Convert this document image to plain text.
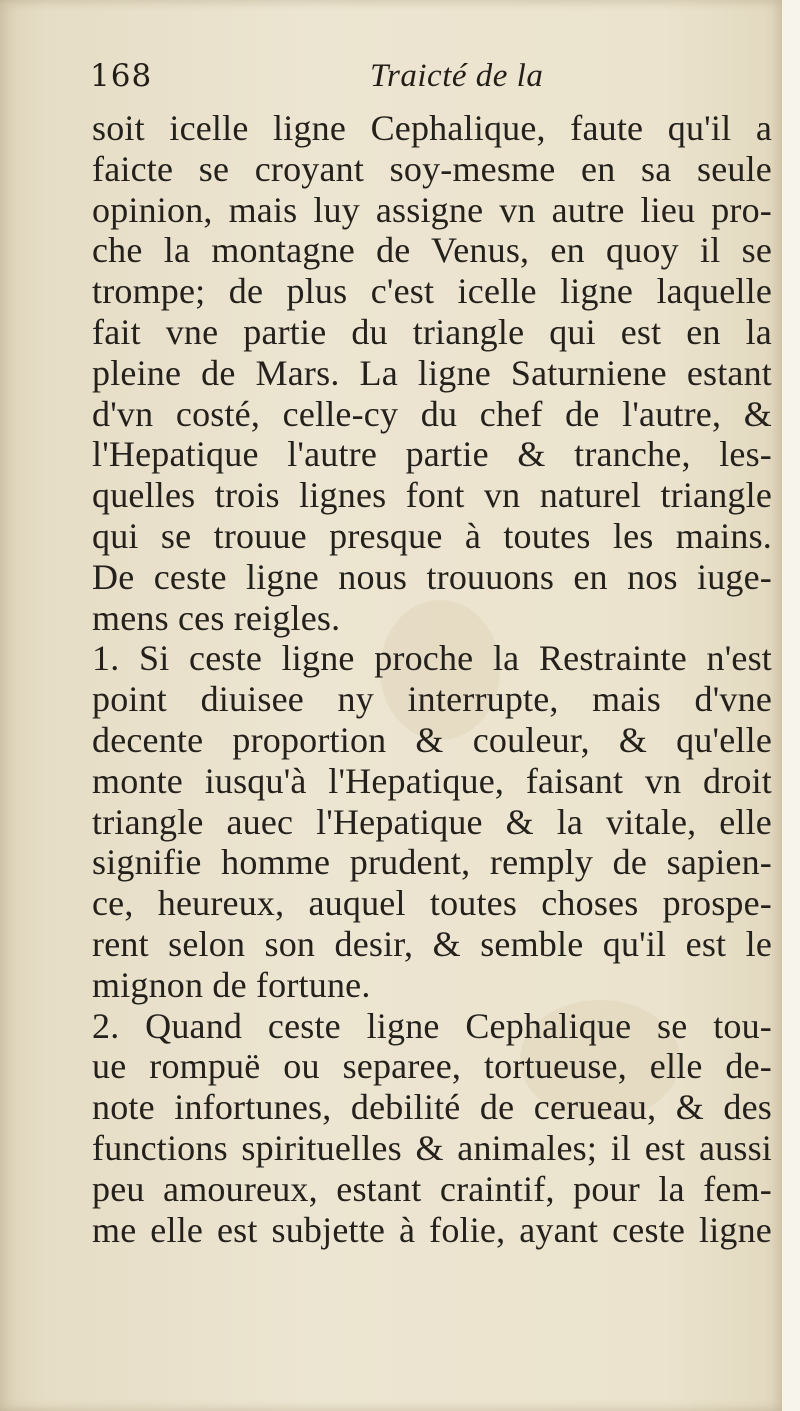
168	Traicté de la
soit icelle ligne Cephalique, faute qu'il a
faicte se croyant soy-mesme en sa seule
opinion, mais luy assigne vn autre lieu pro-
che la montagne de Venus, en quoy il se
trompe; de plus c'est icelle ligne laquelle
fait vne partie du triangle qui est en la
pleine de Mars. La ligne Saturniene estant
d'vn costé, celle-cy du chef de l'autre, &
l'Hepatique l'autre partie & tranche, les-
quelles trois lignes font vn naturel triangle
qui se trouue presque à toutes les mains.
De ceste ligne nous trouuons en nos iuge-
mens ces reigles.
1. Si ceste ligne proche la Restrainte n'est
point diuisee ny interrupte, mais d'vne
decente proportion & couleur, & qu'elle
monte iusqu'à l'Hepatique, faisant vn droit
triangle auec l'Hepatique & la vitale, elle
signifie homme prudent, remply de sapien-
ce, heureux, auquel toutes choses prospe-
rent selon son desir, & semble qu'il est le
mignon de fortune.
2. Quand ceste ligne Cephalique se tou-
ue rompuë ou separee, tortueuse, elle de-
note infortunes, debilité de cerueau, & des
functions spirituelles & animales; il est aussi
peu amoureux, estant craintif, pour la fem-
me elle est subjette à folie, ayant ceste ligne
